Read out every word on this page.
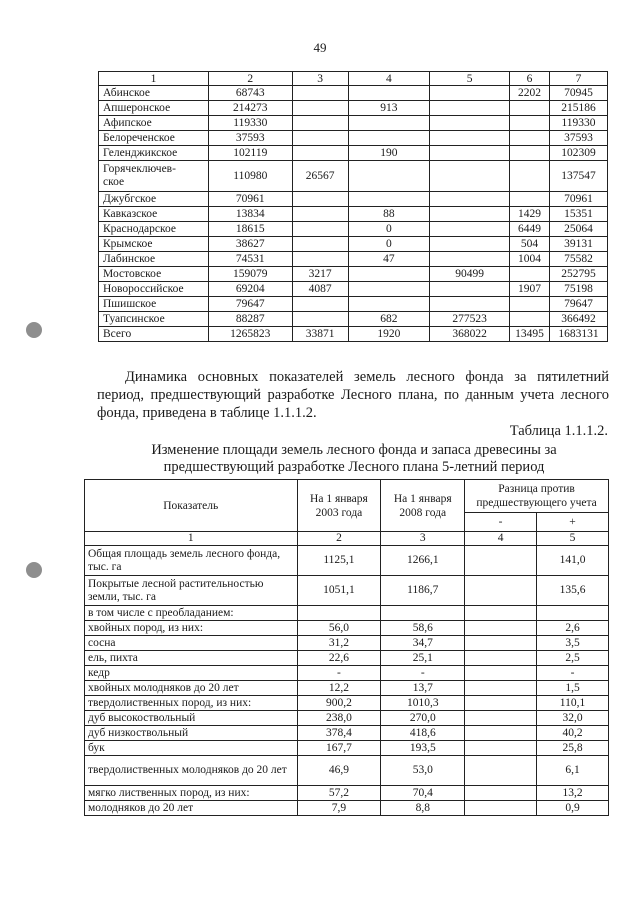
49
1	2	3	4	5	6	7
Абинское	68743				2202	70945
Апшеронское	214273		913			215186
Афипское	119330					119330
Белореченское	37593					37593
Геленджикское	102119		190			102309
Горячеключев-
ское	110980	26567				137547
Джубгское	70961					70961
Кавказское	13834		88		1429	15351
Краснодарское	18615		0		6449	25064
Крымское	38627		0		504	39131
Лабинское	74531		47		1004	75582
Мостовское	159079	3217		90499		252795
Новороссийское	69204	4087			1907	75198
Пшишское	79647					79647
Туапсинское	88287		682	277523		366492
Всего	1265823	33871	1920	368022	13495	1683131
Динамика основных показателей земель лесного фонда за пятилетний период, предшествующий разработке Лесного плана, по данным учета лесного фонда, приведена в таблице 1.1.1.2.
Таблица 1.1.1.2.
Изменение площади земель лесного фонда и запаса древесины за предшествующий разработке Лесного плана 5-летний период
Показатель	На 1 января 2003 года	На 1 января 2008 года	Разница против предшествующего учета	
			-	+
1	2	3	4	5
Общая площадь земель лесного фонда, тыс. га	1125,1	1266,1		141,0
Покрытые лесной растительностью земли, тыс. га	1051,1	1186,7		135,6
в том числе с преобладанием:				
хвойных пород, из них:	56,0	58,6		2,6
сосна	31,2	34,7		3,5
ель, пихта	22,6	25,1		2,5
кедр	-	-		-
хвойных молодняков до 20 лет	12,2	13,7		1,5
твердолиственных пород, из них:	900,2	1010,3		110,1
дуб высокоствольный	238,0	270,0		32,0
дуб низкоствольный	378,4	418,6		40,2
бук	167,7	193,5		25,8
твердолиственных молодняков до 20 лет	46,9	53,0		6,1
мягко лиственных пород, из них:	57,2	70,4		13,2
молодняков до 20 лет	7,9	8,8		0,9
